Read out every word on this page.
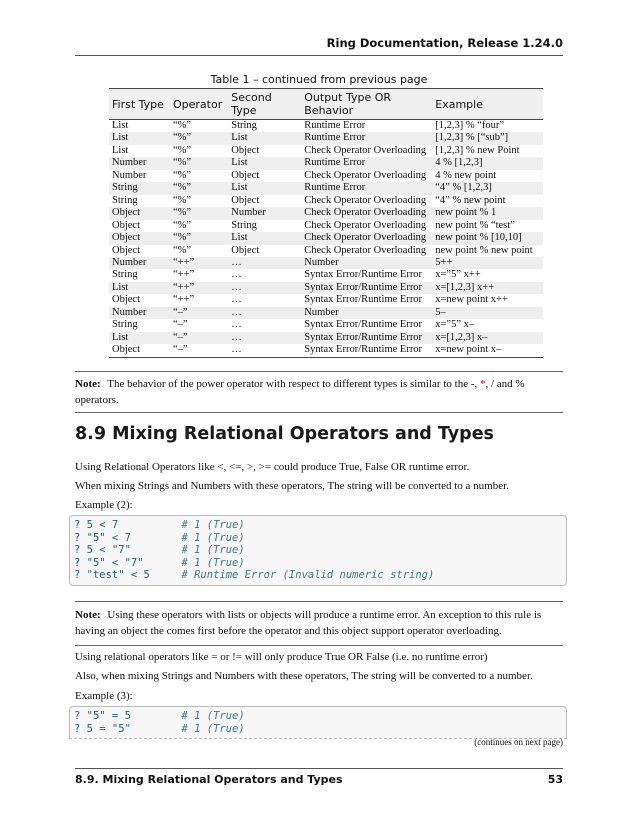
Ring Documentation, Release 1.24.0
Table 1 – continued from previous page
First Type	Operator	Second Type	Output Type OR Behavior	Example
List	“%”	String	Runtime Error	[1,2,3] % “four”
List	“%”	List	Runtime Error	[1,2,3] % [“sub”]
List	“%”	Object	Check Operator Overloading	[1,2,3] % new Point
Number	“%”	List	Runtime Error	4 % [1,2,3]
Number	“%”	Object	Check Operator Overloading	4 % new point
String	“%”	List	Runtime Error	“4” % [1,2,3]
String	“%”	Object	Check Operator Overloading	“4” % new point
Object	“%”	Number	Check Operator Overloading	new point % 1
Object	“%”	String	Check Operator Overloading	new point % “test”
Object	“%”	List	Check Operator Overloading	new point % [10,10]
Object	“%”	Object	Check Operator Overloading	new point % new point
Number	“++”	…	Number	5++
String	“++”	…	Syntax Error/Runtime Error	x=”5” x++
List	“++”	…	Syntax Error/Runtime Error	x=[1,2,3] x++
Object	“++”	…	Syntax Error/Runtime Error	x=new point x++
Number	“–”	…	Number	5–
String	“–”	…	Syntax Error/Runtime Error	x=”5” x–
List	“–”	…	Syntax Error/Runtime Error	x=[1,2,3] x–
Object	“–”	…	Syntax Error/Runtime Error	x=new point x–
Note: The behavior of the power operator with respect to different types is similar to the -, *, / and % operators.
8.9 Mixing Relational Operators and Types
Using Relational Operators like <, <=, >, >= could produce True, False OR runtime error.
When mixing Strings and Numbers with these operators, The string will be converted to a number.
Example (2):
? 5 < 7	# 1 (True)
? "5" < 7	# 1 (True)
? 5 < "7"	# 1 (True)
? "5" < "7"	# 1 (True)
? "test" < 5	# Runtime Error (Invalid numeric string)
Note: Using these operators with lists or objects will produce a runtime error. An exception to this rule is having an object the comes first before the operator and this object support operator overloading.
Using relational operators like = or != will only produce True OR False (i.e. no runtime error)
Also, when mixing Strings and Numbers with these operators, The string will be converted to a number.
Example (3):
? "5" = 5	# 1 (True)
? 5 = "5"	# 1 (True)
(continues on next page)
8.9. Mixing Relational Operators and Types	53
